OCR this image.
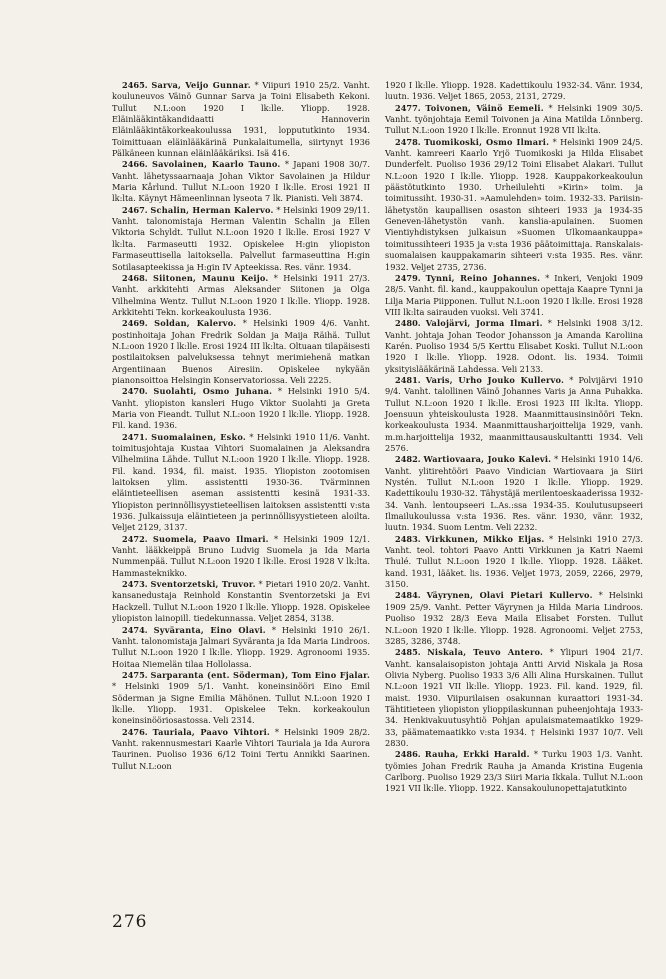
2465. Sarva, Veijo Gunnar. * Viipuri 1910 25/2. Vanht. kouluneuvos Väinö Gunnar Sarva ja Toini Elisabeth Kekoni. Tullut N.L:oon 1920 I lk:lle. Yliopp. 1928. Eläinlääkintäkandidaatti Hannoverin Eläinlääkintäkorkeakoulussa 1931, loppututkinto 1934. Toimittuaan eläinlääkärinä Punkalaitumella, siirtynyt 1936 Pälkäneen kunnan eläinlääkäriksi. Isä 416.

2466. Savolainen, Kaarlo Tauno. * Japani 1908 30/7. Vanht. lähetyssaarnaaja Johan Viktor Savolainen ja Hildur Maria Kårlund. Tullut N.L:oon 1920 I lk:lle. Erosi 1921 II lk:lta. Käynyt Hämeenlinnan lyseota 7 lk. Pianisti. Veli 3874.

2467. Schalin, Herman Kalervo. * Helsinki 1909 29/11. Vanht. talonomistaja Herman Valentin Schalin ja Ellen Viktoria Schyldt. Tullut N.L:oon 1920 I lk:lle. Erosi 1927 V lk:lta. Farmaseutti 1932. Opiskelee H:gin yliopiston Farmaseuttisella laitoksella. Palvellut farmaseuttina H:gin Sotilasapteekissa ja H:gin IV Apteekissa. Res. vänr. 1934.

2468. Siitonen, Maunu Keijo. * Helsinki 1911 27/3. Vanht. arkkitehti Armas Aleksander Siitonen ja Olga Vilhelmina Wentz. Tullut N.L:oon 1920 I lk:lle. Yliopp. 1928. Arkkitehti Tekn. korkeakoulusta 1936.

2469. Soldan, Kalervo. * Helsinki 1909 4/6. Vanht. postinhoitaja Johan Fredrik Soldan ja Maija Räihä. Tullut N.L:oon 1920 I lk:lle. Erosi 1924 III lk:lta. Oltuaan tilapäisesti postilaitoksen palveluksessa tehnyt merimiehenä matkan Argentiinaan Buenos Airesiin. Opiskelee nykyään pianonsoittoa Helsingin Konservatoriossa. Veli 2225.

2470. Suolahti, Osmo Juhana. * Helsinki 1910 5/4. Vanht. yliopiston kansleri Hugo Viktor Suolahti ja Greta Maria von Fieandt. Tullut N.L:oon 1920 I lk:lle. Yliopp. 1928. Fil. kand. 1936.

2471. Suomalainen, Esko. * Helsinki 1910 11/6. Vanht. toimitusjohtaja Kustaa Vihtori Suomalainen ja Aleksandra Vilhelmiina Lähde. Tullut N.L:oon 1920 I lk:lle. Yliopp. 1928. Fil. kand. 1934, fil. maist. 1935. Yliopiston zootomisen laitoksen ylim. assistentti 1930-36. Tvärminnen eläintieteellisen aseman assistentti kesinä 1931-33. Yliopiston perinnöllisyystieteellisen laitoksen assistentti v:sta 1936. Julkaissuja eläintieteen ja perinnöllisyystieteen aloilta. Veljet 2129, 3137.

2472. Suomela, Paavo Ilmari. * Helsinki 1909 12/1. Vanht. lääkkeippä Bruno Ludvig Suomela ja Ida Maria Nummenpää. Tullut N.L:oon 1920 I lk:lle. Erosi 1928 V lk:lta. Hammasteknikko.

2473. Sventorzetski, Truvor. * Pietari 1910 20/2. Vanht. kansanedustaja Reinhold Konstantin Sventorzetski ja Evi Hackzell. Tullut N.L:oon 1920 I lk:lle. Yliopp. 1928. Opiskelee yliopiston lainopill. tiedekunnassa. Veljet 2854, 3138.

2474. Syväranta, Eino Olavi. * Helsinki 1910 26/1. Vanht. talonomistaja Jalmari Syväranta ja Ida Maria Lindroos. Tullut N.L:oon 1920 I lk:lle. Yliopp. 1929. Agronoomi 1935. Hoitaa Niemelän tilaa Hollolassa.

2475. Sarparanta (ent. Söderman), Tom Eino Fjalar. * Helsinki 1909 5/1. Vanht. koneinsinööri Eino Emil Söderman ja Signe Emilia Mähönen. Tullut N.L:oon 1920 I lk:lle. Yliopp. 1931. Opiskelee Tekn. korkeakoulun koneinsinööriosastossa. Veli 2314.

2476. Tauriala, Paavo Vihtori. * Helsinki 1909 28/2. Vanht. rakennusmestari Kaarle Vihtori Tauriala ja Ida Aurora Taurinen. Puoliso 1936 6/12 Toini Tertu Annikki Saarinen. Tullut N.L:oon

1920 I lk:lle. Yliopp. 1928. Kadettikoulu 1932-34. Vänr. 1934, luutn. 1936. Veljet 1865, 2053, 2131, 2729.

2477. Toivonen, Väinö Eemeli. * Helsinki 1909 30/5. Vanht. työnjohtaja Eemil Toivonen ja Aina Matilda Lönnberg. Tullut N.L:oon 1920 I lk:lle. Eronnut 1928 VII lk:lta.

2478. Tuomikoski, Osmo Ilmari. * Helsinki 1909 24/5. Vanht. kamreeri Kaarlo Yrjö Tuomikoski ja Hilda Elisabet Dunderfelt. Puoliso 1936 29/12 Toini Elisabet Alakari. Tullut N.L:oon 1920 I lk:lle. Yliopp. 1928. Kauppakorkeakoulun päästötutkinto 1930. Urheilulehti »Kirin» toim. ja toimitussiht. 1930-31. »Aamulehden» toim. 1932-33. Pariisin-lähetystön kaupallisen osaston sihteeri 1933 ja 1934-35 Geneven-lähetystön vanh. kanslia-apulainen. Suomen Vientiyhdistyksen julkaisun »Suomen Ulkomaankauppa» toimitussihteeri 1935 ja v:sta 1936 päätoimittaja. Ranskalais-suomalaisen kauppakamarin sihteeri v:sta 1935. Res. vänr. 1932. Veljet 2735, 2736.

2479. Tynni, Reino Johannes. * Inkeri, Venjoki 1909 28/5. Vanht. fil. kand., kauppakoulun opettaja Kaapre Tynni ja Lilja Maria Piipponen. Tullut N.L:oon 1920 I lk:lle. Erosi 1928 VIII lk:lta sairauden vuoksi. Veli 3741.

2480. Valojärvi, Jorma Ilmari. * Helsinki 1908 3/12. Vanht. johtaja Johan Teodor Johansson ja Amanda Karoliina Karén. Puoliso 1934 5/5 Kerttu Elisabet Koski. Tullut N.L:oon 1920 I lk:lle. Yliopp. 1928. Odont. lis. 1934. Toimii yksityislääkärinä Lahdessa. Veli 2133.

2481. Varis, Urho Jouko Kullervo. * Polvijärvi 1910 9/4. Vanht. talollinen Väinö Johannes Varis ja Anna Puhakka. Tullut N.L:oon 1920 I lk:lle. Erosi 1923 III lk:lta. Yliopp. Joensuun yhteiskoulusta 1928. Maanmittausinsinööri Tekn. korkeakoulusta 1934. Maanmittausharjoittelija 1929, vanh. m.m.harjoittelija 1932, maanmittausauskultantti 1934. Veli 2576.

2482. Wartiovaara, Jouko Kalevi. * Helsinki 1910 14/6. Vanht. ylitirehtööri Paavo Vindician Wartiovaara ja Siiri Nystén. Tullut N.L:oon 1920 I lk:lle. Yliopp. 1929. Kadettikoulu 1930-32. Tähystäjä merilentoeskaaderissa 1932-34. Vanh. lentoupseeri L.As.:ssa 1934-35. Koulutusupseeri Ilmailukoulussa v:sta 1936. Res. vänr. 1930, vänr. 1932, luutn. 1934. Suom Lentm. Veli 2232.

2483. Virkkunen, Mikko Eljas. * Helsinki 1910 27/3. Vanht. teol. tohtori Paavo Antti Virkkunen ja Katri Naemi Thulé. Tullut N.L:oon 1920 I lk:lle. Yliopp. 1928. Lääket. kand. 1931, lääket. lis. 1936. Veljet 1973, 2059, 2266, 2979, 3150.

2484. Väyrynen, Olavi Pietari Kullervo. * Helsinki 1909 25/9. Vanht. Petter Väyrynen ja Hilda Maria Lindroos. Puoliso 1932 28/3 Eeva Maila Elisabet Forsten. Tullut N.L:oon 1920 I lk:lle. Yliopp. 1928. Agronoomi. Veljet 2753, 3285, 3286, 3748.

2485. Niskala, Teuvo Antero. * Ylipuri 1904 21/7. Vanht. kansalaisopiston johtaja Antti Arvid Niskala ja Rosa Olivia Nyberg. Puoliso 1933 3/6 Alli Alina Hurskainen. Tullut N.L:oon 1921 VII lk:lle. Yliopp. 1923. Fil. kand. 1929, fil. maist. 1930. Viipurilaisen osakunnan kuraattori 1931-34. Tähtitieteen yliopiston ylioppilaskunnan puheenjohtaja 1933-34. Henkivakuutusyhtiö Pohjan apulaismatemaatikko 1929-33, päämatemaatikko v:sta 1934. † Helsinki 1937 10/7. Veli 2830.

2486. Rauha, Erkki Harald. * Turku 1903 1/3. Vanht. työmies Johan Fredrik Rauha ja Amanda Kristina Eugenia Carlborg. Puoliso 1929 23/3 Siiri Maria Ikkala. Tullut N.L:oon 1921 VII lk:lle. Yliopp. 1922. Kansakoulunopettajatutkinto

276
